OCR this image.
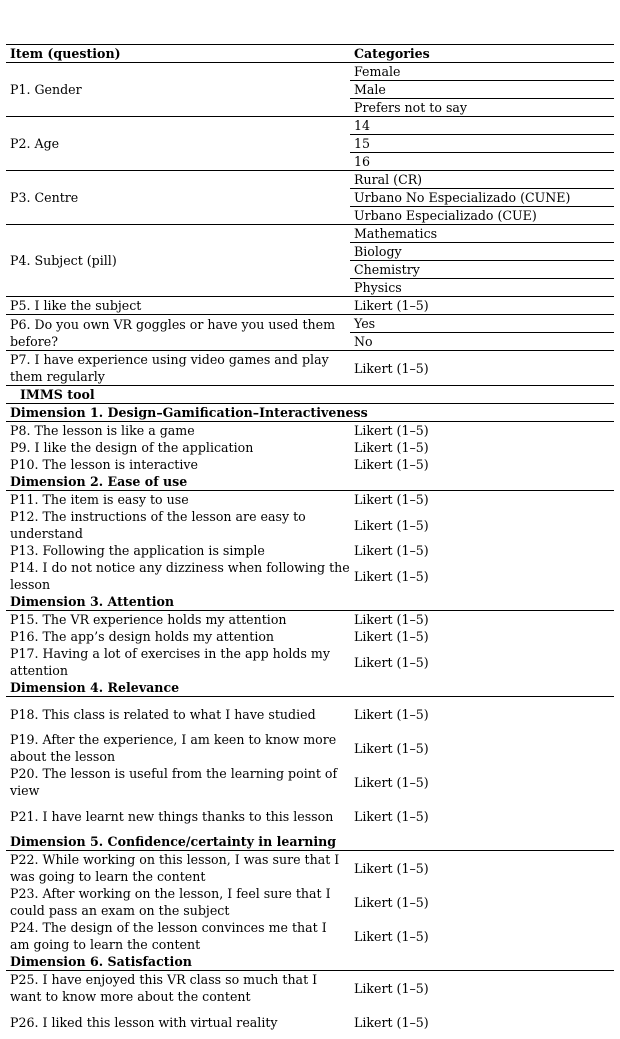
Item (question)	Categories
P1. Gender	Female
	Male
	Prefers not to say
P2. Age	14
	15
	16
P3. Centre	Rural (CR)
	Urbano No Especializado (CUNE)
	Urbano Especializado (CUE)
P4. Subject (pill)	Mathematics
	Biology
	Chemistry
	Physics
P5. I like the subject	Likert (1–5)
P6. Do you own VR goggles or have you used them before?	Yes
	No
P7. I have experience using video games and play them regularly	Likert (1–5)
IMMS tool	
Dimension 1. Design–Gamification–Interactiveness	
P8. The lesson is like a game	Likert (1–5)
P9. I like the design of the application	Likert (1–5)
P10. The lesson is interactive	Likert (1–5)
Dimension 2. Ease of use	
P11. The item is easy to use	Likert (1–5)
P12. The instructions of the lesson are easy to understand	Likert (1–5)
P13. Following the application is simple	Likert (1–5)
P14. I do not notice any dizziness when following the lesson	Likert (1–5)
Dimension 3. Attention	
P15. The VR experience holds my attention	Likert (1–5)
P16. The app’s design holds my attention	Likert (1–5)
P17. Having a lot of exercises in the app holds my attention	Likert (1–5)
Dimension 4. Relevance	
P18. This class is related to what I have studied	Likert (1–5)
P19. After the experience, I am keen to know more about the lesson	Likert (1–5)
P20. The lesson is useful from the learning point of view	Likert (1–5)
P21. I have learnt new things thanks to this lesson	Likert (1–5)
Dimension 5. Confidence/certainty in learning	
P22. While working on this lesson, I was sure that I was going to learn the content	Likert (1–5)
P23. After working on the lesson, I feel sure that I could pass an exam on the subject	Likert (1–5)
P24. The design of the lesson convinces me that I am going to learn the content	Likert (1–5)
Dimension 6. Satisfaction	
P25. I have enjoyed this VR class so much that I want to know more about the content	Likert (1–5)
P26. I liked this lesson with virtual reality	Likert (1–5)
